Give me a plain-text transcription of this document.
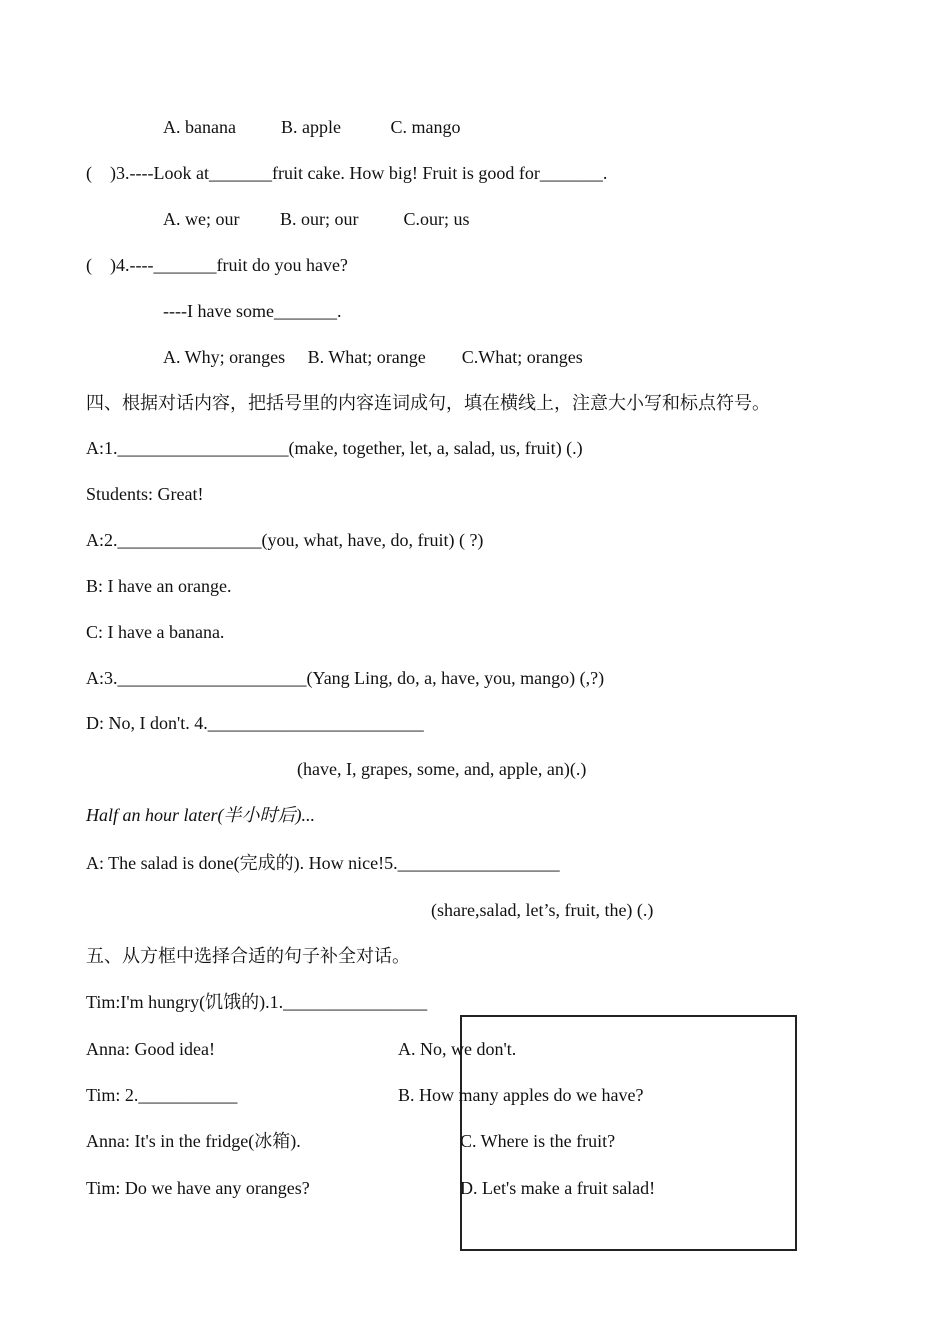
A. banana          B. apple           C. mango
(    )3.----Look at_______fruit cake. How big! Fruit is good for_______.
A. we; our         B. our; our          C.our; us
(    )4.----_______fruit do you have?
----I have some_______.
A. Why; oranges     B. What; orange        C.What; oranges
四、根据对话内容，把括号里的内容连词成句，填在横线上，注意大小写和标点符号。
A:1.___________________(make, together, let, a, salad, us, fruit) (.)
Students: Great!
A:2.________________(you, what, have, do, fruit) ( ?)
B: I have an orange.
C: I have a banana.
A:3._____________________(Yang Ling, do, a, have, you, mango) (,?)
D: No, I don't. 4.________________________
(have, I, grapes, some, and, apple, an)(.)
Half an hour later(半小时后)...
A: The salad is done(完成的). How nice!5.__________________
(share,salad, let’s, fruit, the) (.)
五、从方框中选择合适的句子补全对话。
Tim:I'm hungry(饥饿的).1.________________
Anna: Good idea!
Tim: 2.___________
Anna: It's in the fridge(冰箱).
Tim: Do we have any oranges?
A. No, we don't.
B. How many apples do we have?
C. Where is the fruit?
D. Let's make a fruit salad!
